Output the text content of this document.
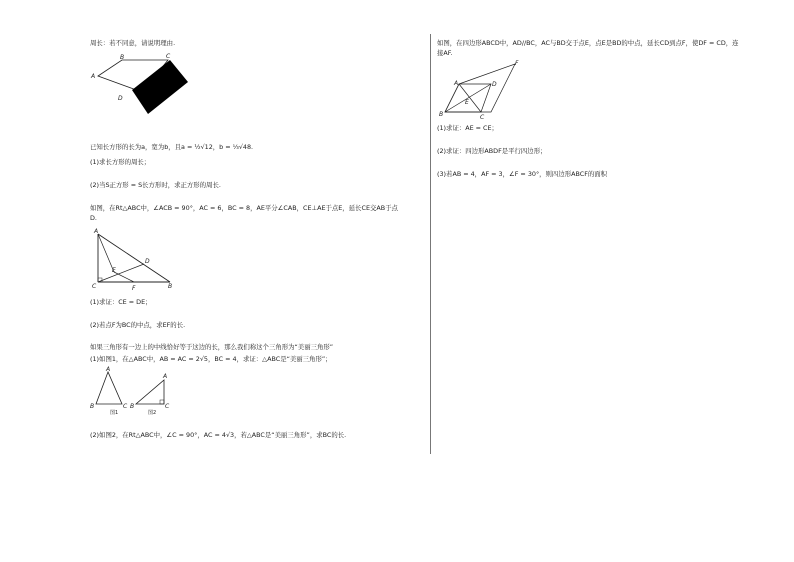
周长：若不同意，请说明理由.
A
B	C
D
已知长方形的长为a，宽为b，且a = ½√12，b = ⅓√48.
(1)求长方形的周长；
(2)当S正方形 = S长方形时，求正方形的周长.
如图，在Rt△ABC中，∠ACB = 90°，AC = 6，BC = 8，AE平分∠CAB，CE⊥AE于点E，延长CE交AB于点
D.
A
C
E
D
F	B
(1)求证：CE = DE；
(2)若点F为BC的中点，求EF的长.
如果三角形有一边上的中线恰好等于这边的长，那么我们称这个三角形为“美丽三角形”
(1)如图1，在△ABC中，AB = AC = 2√5，BC = 4，求证：△ABC是“美丽三角形”；
A
B	C
图1
A
B	C
图2
(2)如图2，在Rt△ABC中，∠C = 90°，AC = 4√3，若△ABC是“美丽三角形”，求BC的长.
如图，在四边形ABCD中，AD//BC，AC与BD交于点E，点E是BD的中点，延长CD到点F，使DF = CD，连
接AF.
A
B	C
D
E
F
(1)求证：AE = CE；
(2)求证：四边形ABDF是平行四边形；
(3)若AB = 4，AF = 3，∠F = 30°，则四边形ABCF的面积
